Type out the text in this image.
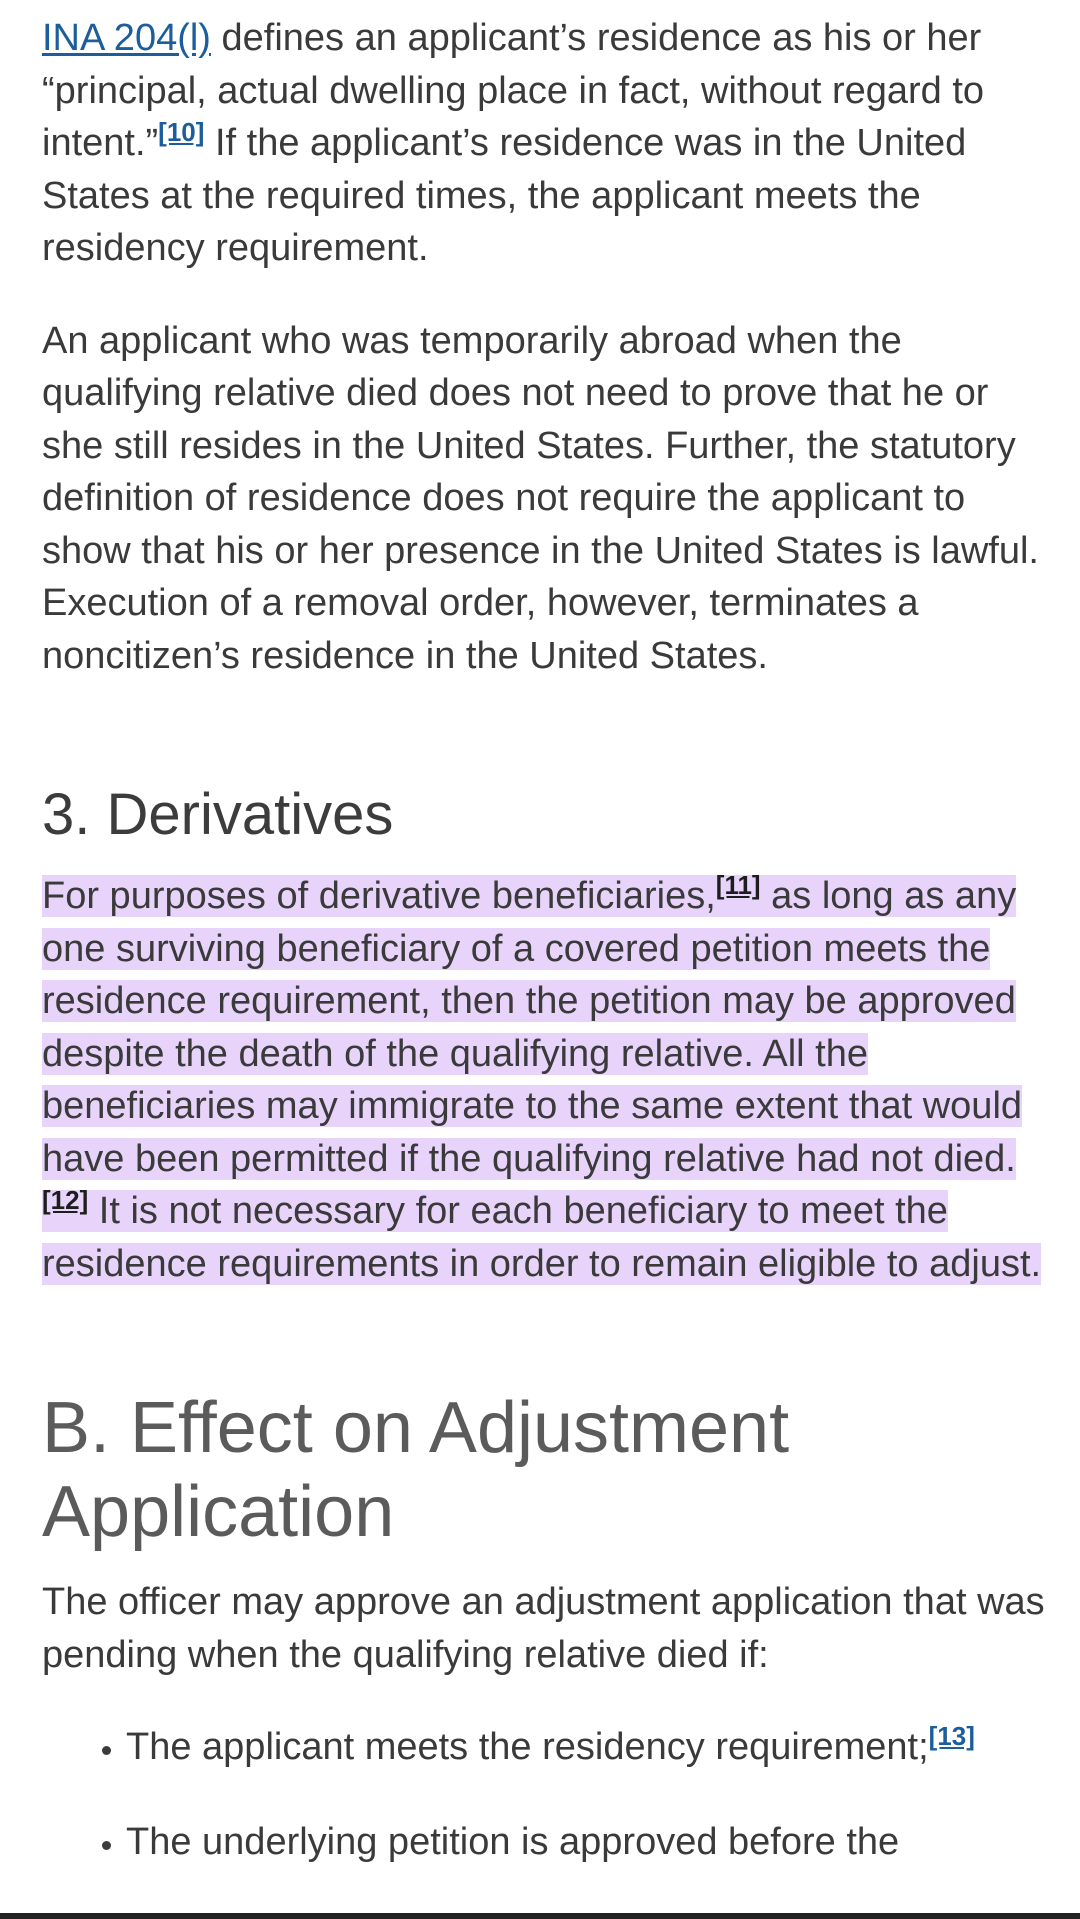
INA 204(l) defines an applicant’s residence as his or her “principal, actual dwelling place in fact, without regard to intent.”[10] If the applicant’s residence was in the United States at the required times, the applicant meets the residency requirement.

An applicant who was temporarily abroad when the qualifying relative died does not need to prove that he or she still resides in the United States. Further, the statutory definition of residence does not require the applicant to show that his or her presence in the United States is lawful. Execution of a removal order, however, terminates a noncitizen’s residence in the United States.

3. Derivatives

For purposes of derivative beneficiaries,[11] as long as any one surviving beneficiary of a covered petition meets the residence requirement, then the petition may be approved despite the death of the qualifying relative. All the beneficiaries may immigrate to the same extent that would have been permitted if the qualifying relative had not died.[12] It is not necessary for each beneficiary to meet the residence requirements in order to remain eligible to adjust.

B. Effect on Adjustment Application

The officer may approve an adjustment application that was pending when the qualifying relative died if:

• The applicant meets the residency requirement;[13]
• The underlying petition is approved before the
